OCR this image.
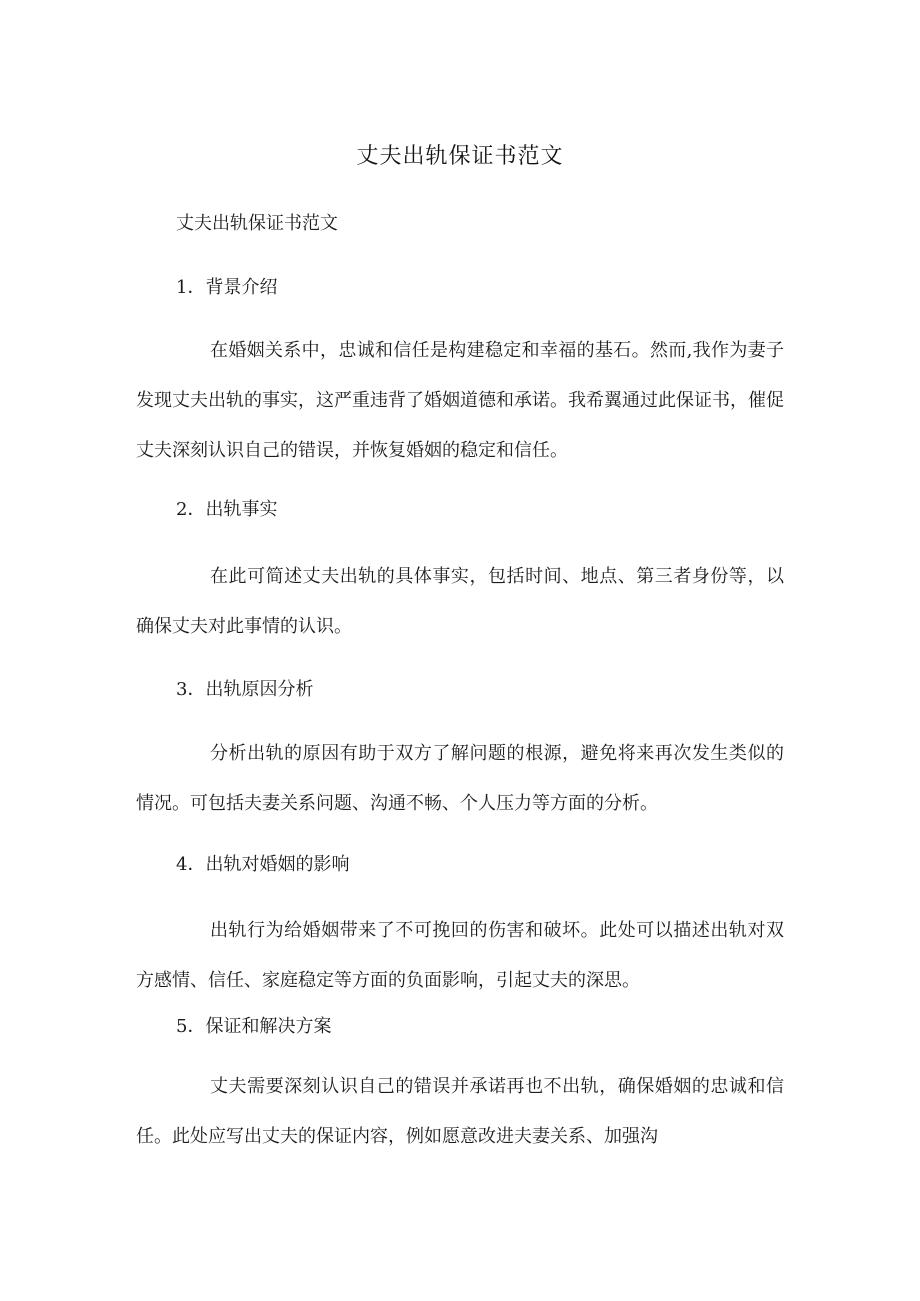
丈夫出轨保证书范文
丈夫出轨保证书范文
1．背景介绍
在婚姻关系中，忠诚和信任是构建稳定和幸福的基石。然而,我作为妻子发现丈夫出轨的事实，这严重违背了婚姻道德和承诺。我希翼通过此保证书，催促丈夫深刻认识自己的错误，并恢复婚姻的稳定和信任。
2．出轨事实
在此可简述丈夫出轨的具体事实，包括时间、地点、第三者身份等，以确保丈夫对此事情的认识。
3．出轨原因分析
分析出轨的原因有助于双方了解问题的根源，避免将来再次发生类似的情况。可包括夫妻关系问题、沟通不畅、个人压力等方面的分析。
4．出轨对婚姻的影响
出轨行为给婚姻带来了不可挽回的伤害和破坏。此处可以描述出轨对双方感情、信任、家庭稳定等方面的负面影响，引起丈夫的深思。
5．保证和解决方案
丈夫需要深刻认识自己的错误并承诺再也不出轨，确保婚姻的忠诚和信任。此处应写出丈夫的保证内容，例如愿意改进夫妻关系、加强沟
